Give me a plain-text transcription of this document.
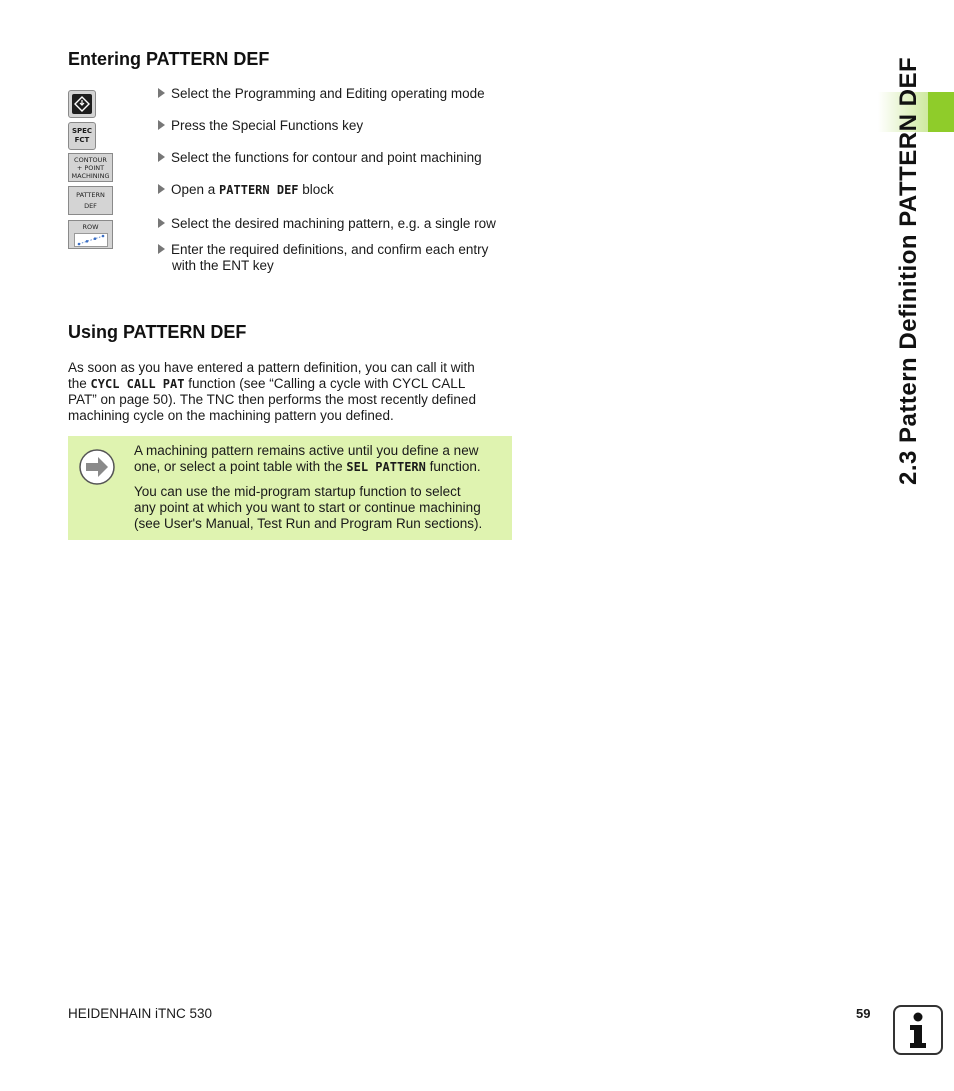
Entering PATTERN DEF
SPEC
FCT
CONTOUR
+ POINT
MACHINING
PATTERN
DEF
ROW
Select the Programming and Editing operating mode
Press the Special Functions key
Select the functions for contour and point machining
Open a PATTERN DEF block
Select the desired machining pattern, e.g. a single row
Enter the required definitions, and confirm each entry
with the ENT key
Using PATTERN DEF
As soon as you have entered a pattern definition, you can call it with
the CYCL CALL PAT function (see “Calling a cycle with CYCL CALL
PAT” on page 50). The TNC then performs the most recently defined
machining cycle on the machining pattern you defined.

A machining pattern remains active until you define a new
one, or select a point table with the SEL PATTERN function.

You can use the mid-program startup function to select
any point at which you want to start or continue machining
(see User's Manual, Test Run and Program Run sections).

2.3 Pattern Definition PATTERN DEF
HEIDENHAIN iTNC 530	59
